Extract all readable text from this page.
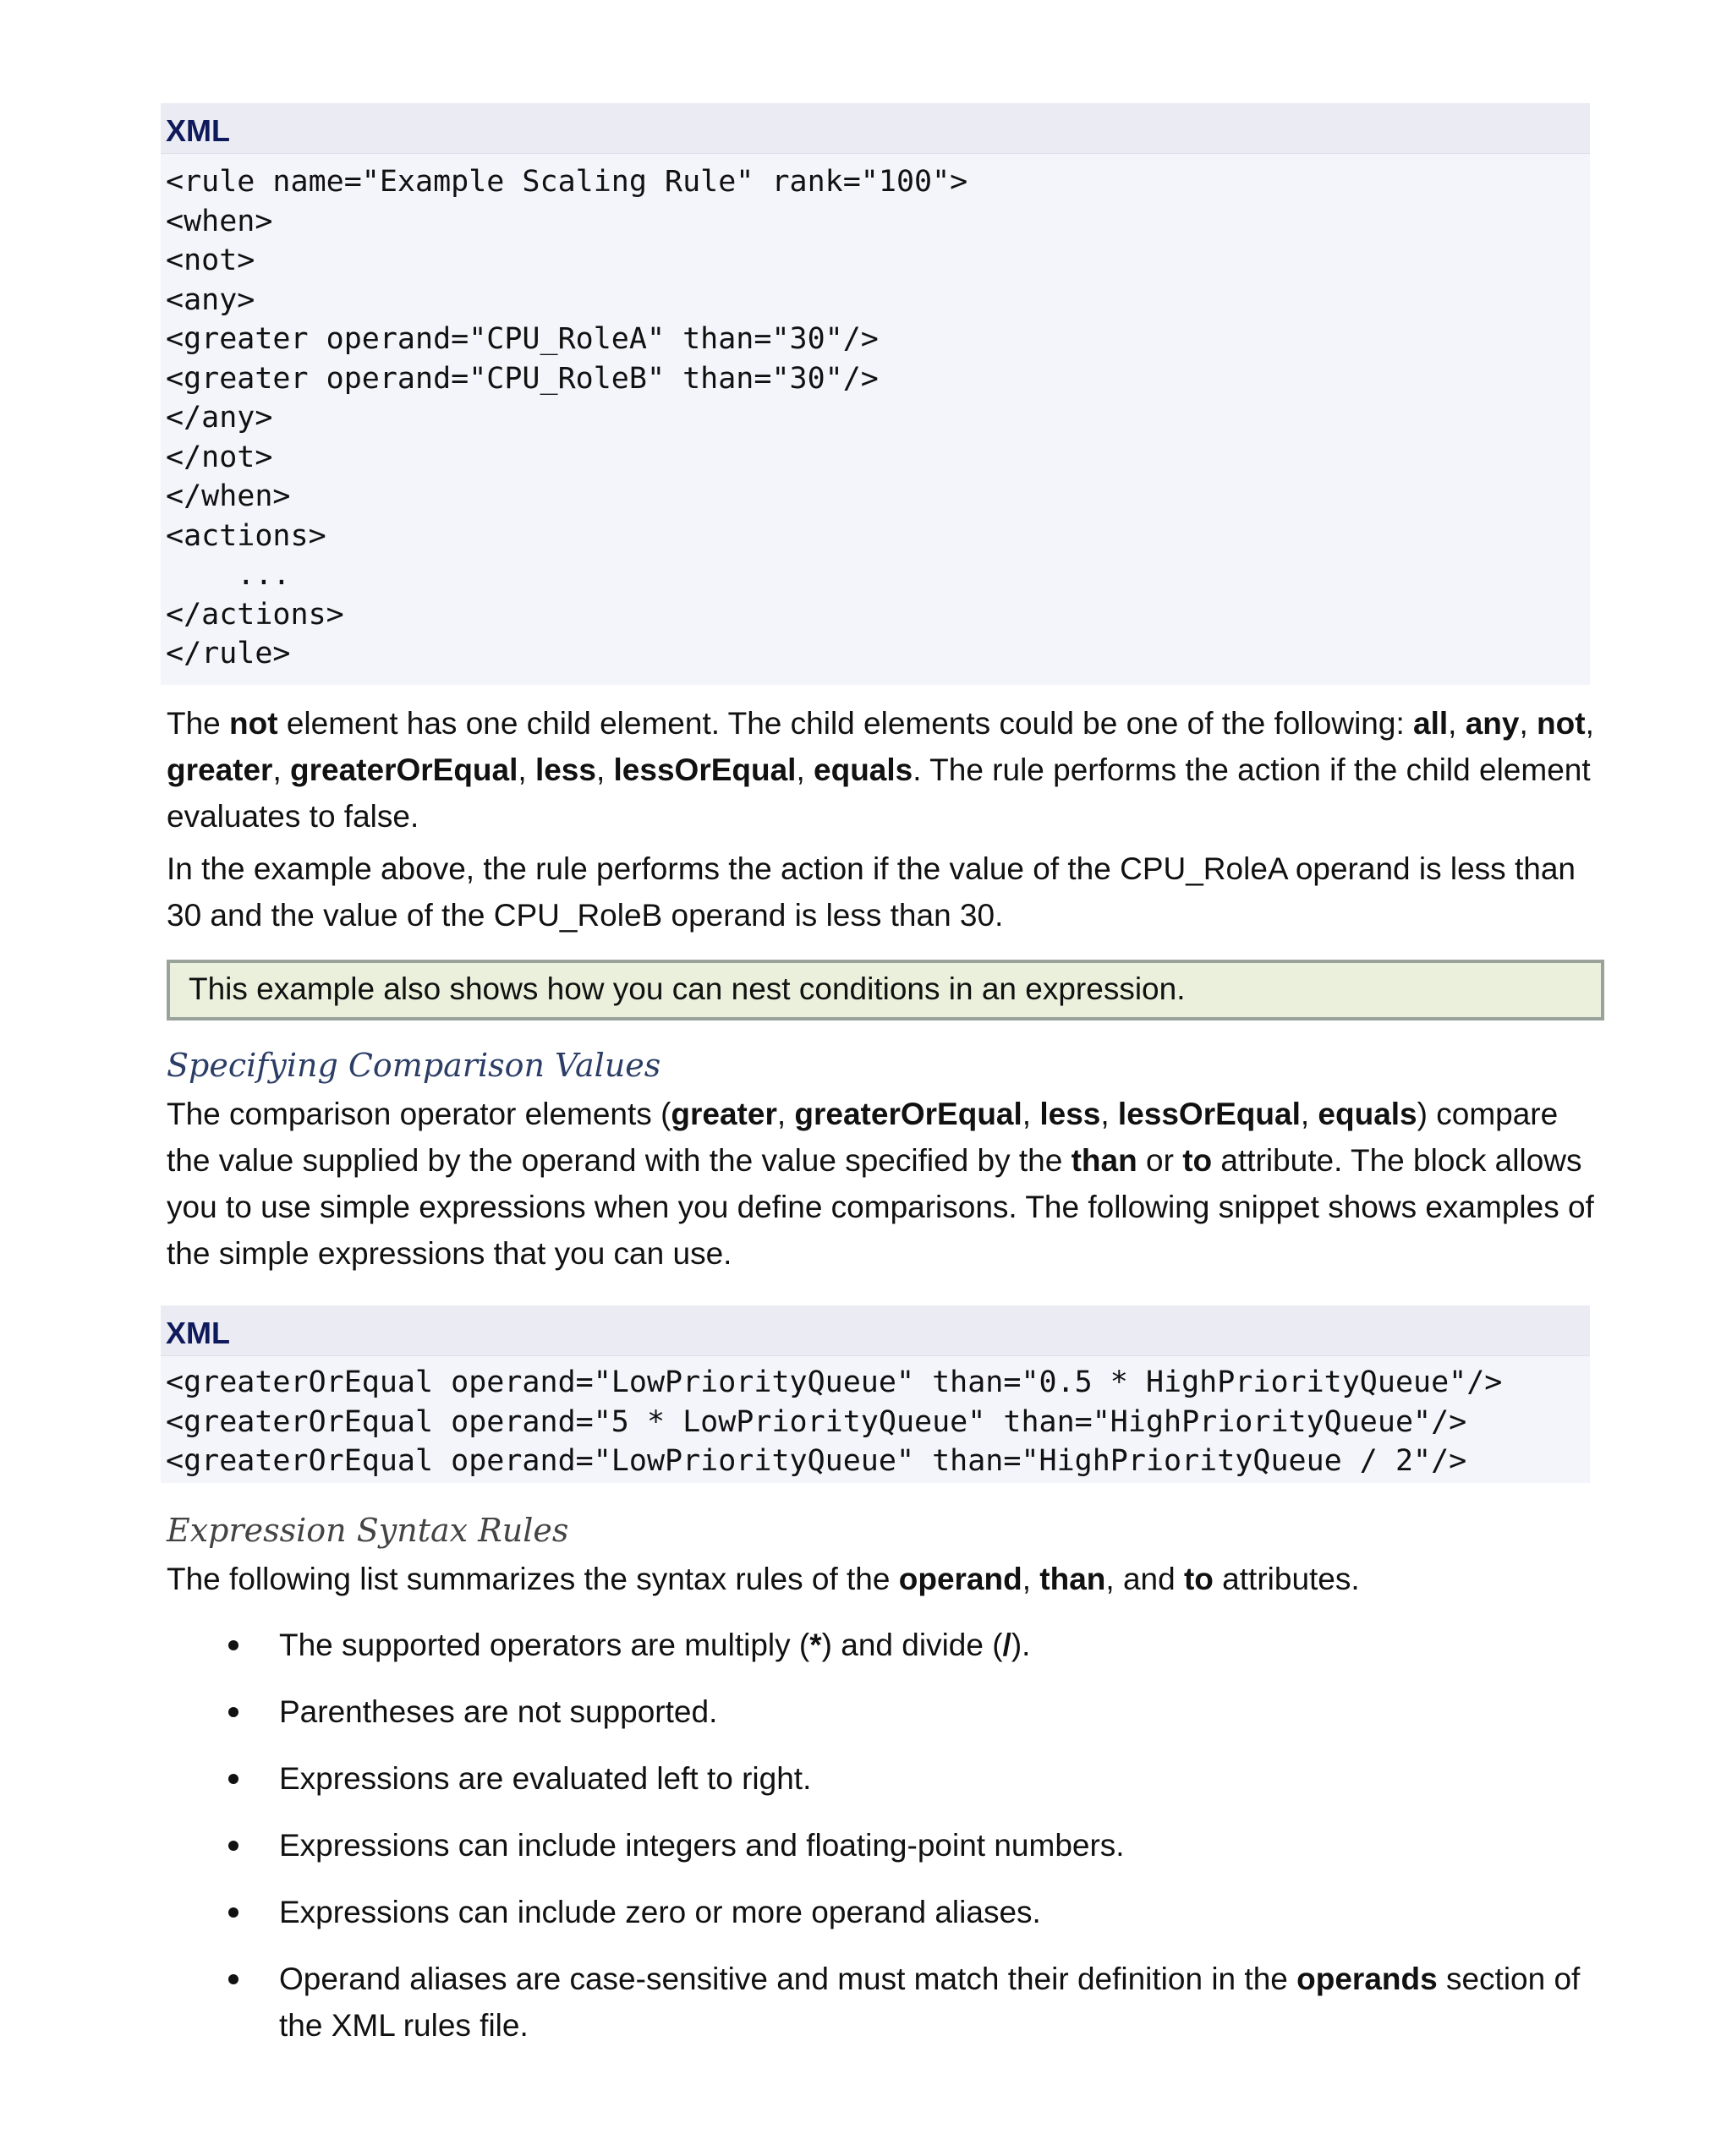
XML
<rule name="Example Scaling Rule" rank="100">
<when>
<not>
<any>
<greater operand="CPU_RoleA" than="30"/>
<greater operand="CPU_RoleB" than="30"/>
</any>
</not>
</when>
<actions>
...
</actions>
</rule>
The not element has one child element. The child elements could be one of the following: all, any, not, greater, greaterOrEqual, less, lessOrEqual, equals. The rule performs the action if the child element evaluates to false.
In the example above, the rule performs the action if the value of the CPU_RoleA operand is less than 30 and the value of the CPU_RoleB operand is less than 30.
This example also shows how you can nest conditions in an expression.
Specifying Comparison Values
The comparison operator elements (greater, greaterOrEqual, less, lessOrEqual, equals) compare the value supplied by the operand with the value specified by the than or to attribute. The block allows you to use simple expressions when you define comparisons. The following snippet shows examples of the simple expressions that you can use.
XML
<greaterOrEqual operand="LowPriorityQueue" than="0.5 * HighPriorityQueue"/>
<greaterOrEqual operand="5 * LowPriorityQueue" than="HighPriorityQueue"/>
<greaterOrEqual operand="LowPriorityQueue" than="HighPriorityQueue / 2"/>
Expression Syntax Rules
The following list summarizes the syntax rules of the operand, than, and to attributes.
The supported operators are multiply (*) and divide (/).
Parentheses are not supported.
Expressions are evaluated left to right.
Expressions can include integers and floating-point numbers.
Expressions can include zero or more operand aliases.
Operand aliases are case-sensitive and must match their definition in the operands section of the XML rules file.
